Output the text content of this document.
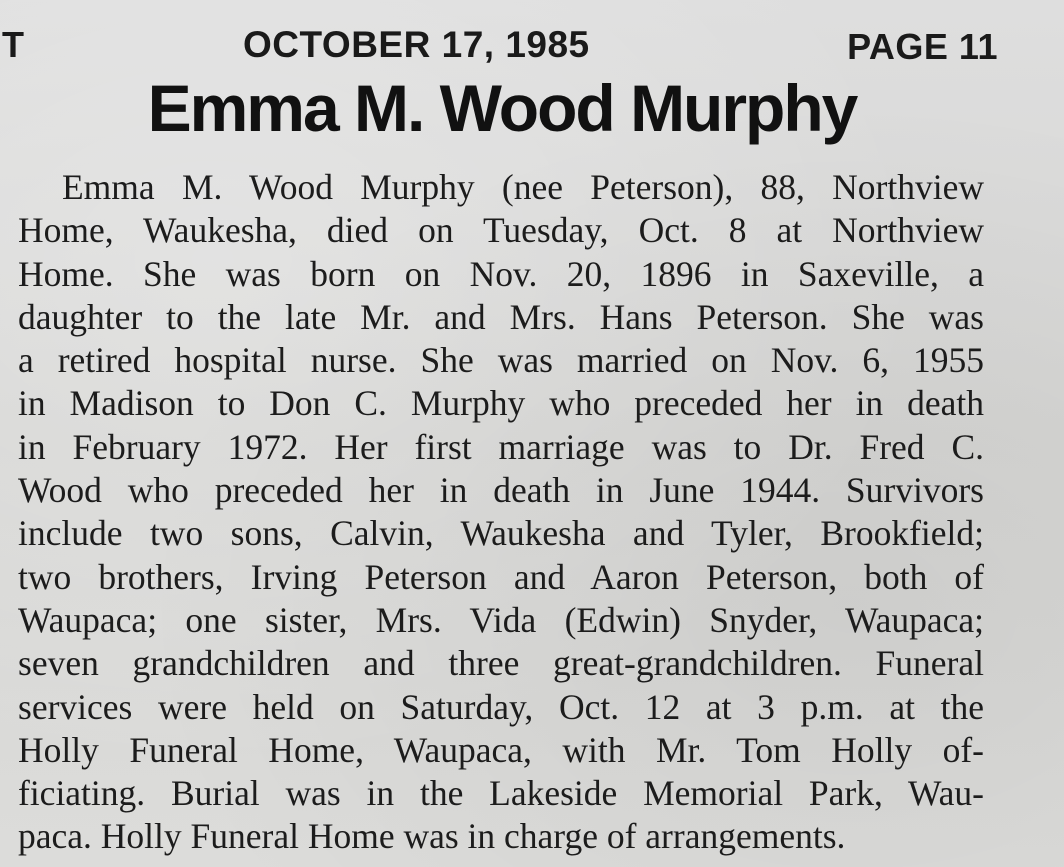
T	OCTOBER 17, 1985	PAGE 11
Emma M. Wood Murphy
Emma M. Wood Murphy (nee Peterson), 88, Northview
Home, Waukesha, died on Tuesday, Oct. 8 at Northview
Home. She was born on Nov. 20, 1896 in Saxeville, a
daughter to the late Mr. and Mrs. Hans Peterson. She was
a retired hospital nurse. She was married on Nov. 6, 1955
in Madison to Don C. Murphy who preceded her in death
in February 1972. Her first marriage was to Dr. Fred C.
Wood who preceded her in death in June 1944. Survivors
include two sons, Calvin, Waukesha and Tyler, Brookfield;
two brothers, Irving Peterson and Aaron Peterson, both of
Waupaca; one sister, Mrs. Vida (Edwin) Snyder, Waupaca;
seven grandchildren and three great-grandchildren. Funeral
services were held on Saturday, Oct. 12 at 3 p.m. at the
Holly Funeral Home, Waupaca, with Mr. Tom Holly of-
ficiating. Burial was in the Lakeside Memorial Park, Wau-
paca. Holly Funeral Home was in charge of arrangements.
